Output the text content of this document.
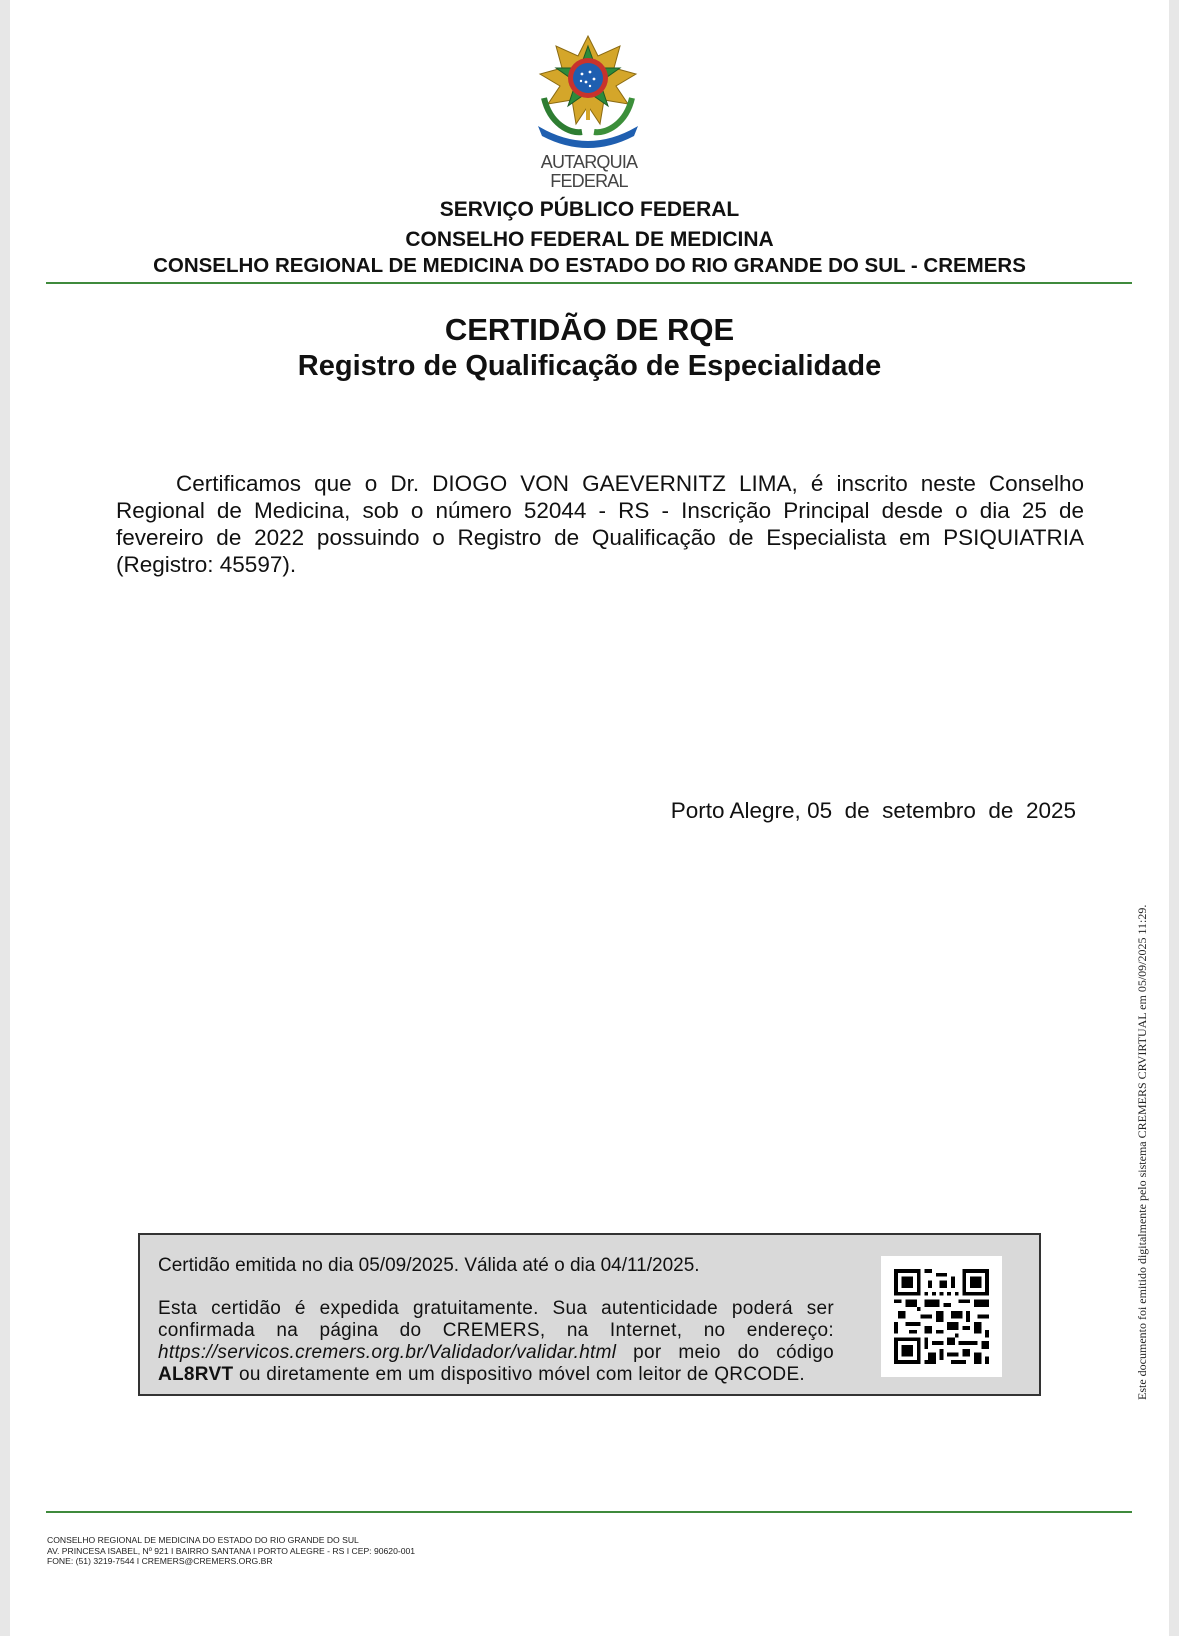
AUTARQUIA
FEDERAL
SERVIÇO PÚBLICO FEDERAL
CONSELHO FEDERAL DE MEDICINA
CONSELHO REGIONAL DE MEDICINA DO ESTADO DO RIO GRANDE DO SUL - CREMERS
CERTIDÃO DE RQE
Registro de Qualificação de Especialidade

Certificamos que o Dr. DIOGO VON GAEVERNITZ LIMA, é inscrito neste Conselho Regional de Medicina, sob o número 52044 - RS - Inscrição Principal desde o dia 25 de fevereiro de 2022 possuindo o Registro de Qualificação de Especialista em PSIQUIATRIA (Registro: 45597).

Porto Alegre, 05  de  setembro  de  2025
Este documento foi emitido digitalmente pelo sistema CREMERS CRVIRTUAL em 05/09/2025 11:29.
Certidão emitida no dia 05/09/2025. Válida até o dia 04/11/2025.
Esta certidão é expedida gratuitamente. Sua autenticidade poderá ser confirmada na página do CREMERS, na Internet, no endereço: https://servicos.cremers.org.br/Validador/validar.html por meio do código AL8RVT ou diretamente em um dispositivo móvel com leitor de QRCODE.
CONSELHO REGIONAL DE MEDICINA DO ESTADO DO RIO GRANDE DO SUL
AV. PRINCESA ISABEL, Nº 921 I BAIRRO SANTANA I PORTO ALEGRE - RS I CEP: 90620-001
FONE: (51) 3219-7544 I CREMERS@CREMERS.ORG.BR
